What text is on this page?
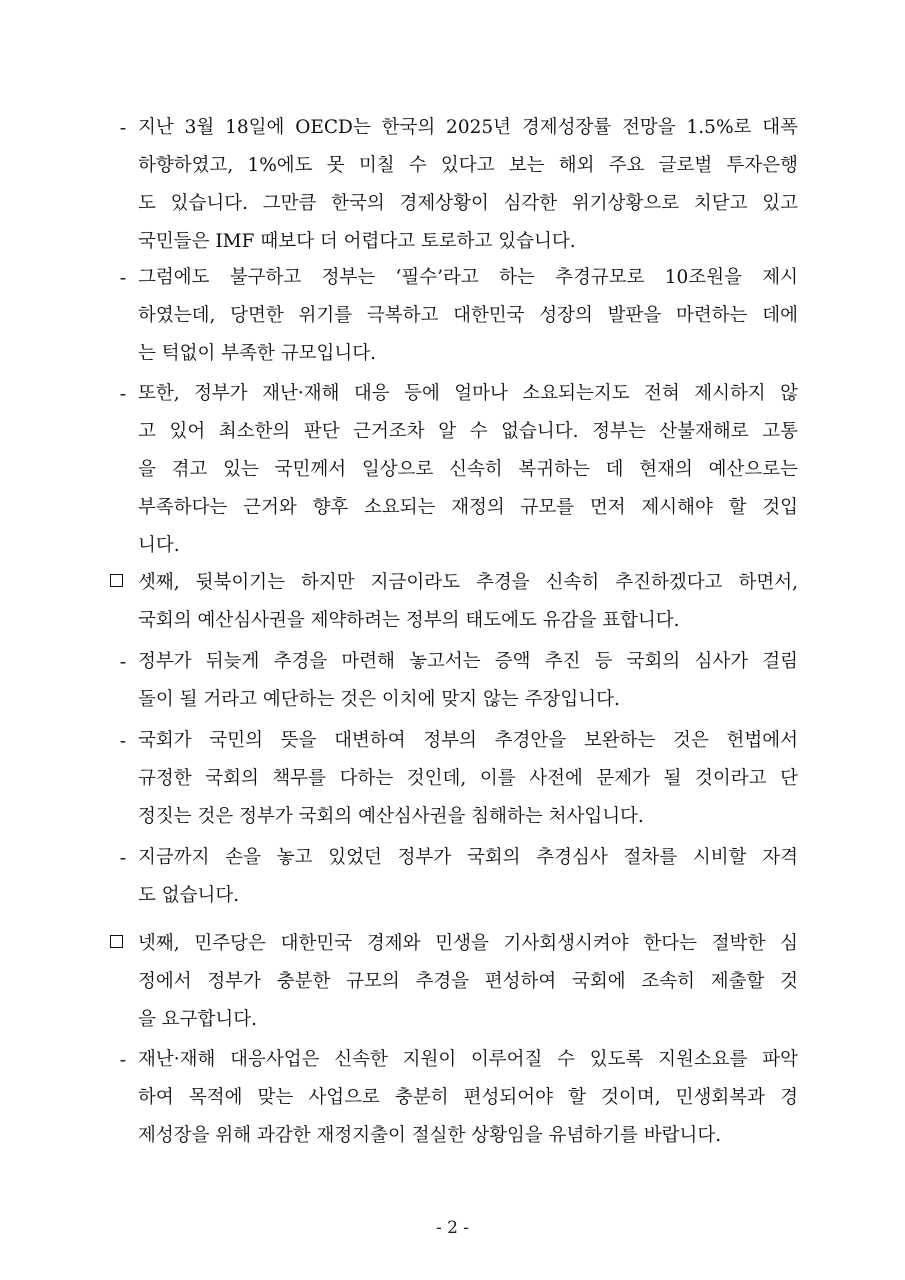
- 지난 3월 18일에 OECD는 한국의 2025년 경제성장률 전망을 1.5%로 대폭
하향하였고, 1%에도 못 미칠 수 있다고 보는 해외 주요 글로벌 투자은행
도 있습니다. 그만큼 한국의 경제상황이 심각한 위기상황으로 치닫고 있고
국민들은 IMF 때보다 더 어렵다고 토로하고 있습니다.
- 그럼에도 불구하고 정부는 ‘필수’라고 하는 추경규모로 10조원을 제시
하였는데, 당면한 위기를 극복하고 대한민국 성장의 발판을 마련하는 데에
는 턱없이 부족한 규모입니다.
- 또한, 정부가 재난·재해 대응 등에 얼마나 소요되는지도 전혀 제시하지 않
고 있어 최소한의 판단 근거조차 알 수 없습니다. 정부는 산불재해로 고통
을 겪고 있는 국민께서 일상으로 신속히 복귀하는 데 현재의 예산으로는
부족하다는 근거와 향후 소요되는 재정의 규모를 먼저 제시해야 할 것입
니다.
셋째, 뒷북이기는 하지만 지금이라도 추경을 신속히 추진하겠다고 하면서,
국회의 예산심사권을 제약하려는 정부의 태도에도 유감을 표합니다.
- 정부가 뒤늦게 추경을 마련해 놓고서는 증액 추진 등 국회의 심사가 걸림
돌이 될 거라고 예단하는 것은 이치에 맞지 않는 주장입니다.
- 국회가 국민의 뜻을 대변하여 정부의 추경안을 보완하는 것은 헌법에서
규정한 국회의 책무를 다하는 것인데, 이를 사전에 문제가 될 것이라고 단
정짓는 것은 정부가 국회의 예산심사권을 침해하는 처사입니다.
- 지금까지 손을 놓고 있었던 정부가 국회의 추경심사 절차를 시비할 자격
도 없습니다.
넷째, 민주당은 대한민국 경제와 민생을 기사회생시켜야 한다는 절박한 심
정에서 정부가 충분한 규모의 추경을 편성하여 국회에 조속히 제출할 것
을 요구합니다.
- 재난·재해 대응사업은 신속한 지원이 이루어질 수 있도록 지원소요를 파악
하여 목적에 맞는 사업으로 충분히 편성되어야 할 것이며, 민생회복과 경
제성장을 위해 과감한 재정지출이 절실한 상황임을 유념하기를 바랍니다.
- 2 -
